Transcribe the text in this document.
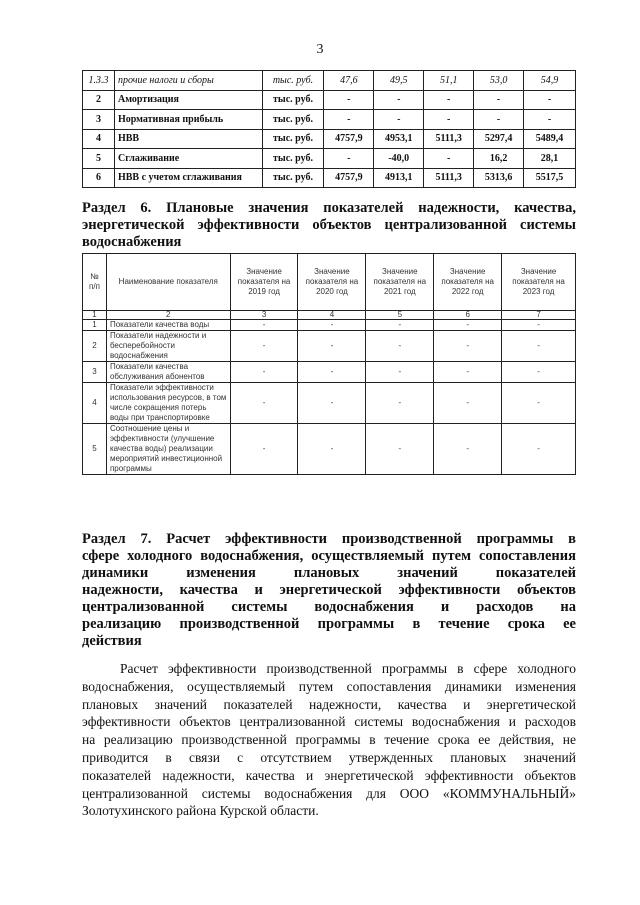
3
1.3.3	прочие налоги и сборы	тыс. руб.	47,6	49,5	51,1	53,0	54,9
2	Амортизация	тыс. руб.	-	-	-	-	-
3	Нормативная прибыль	тыс. руб.	-	-	-	-	-
4	НВВ	тыс. руб.	4757,9	4953,1	5111,3	5297,4	5489,4
5	Сглаживание	тыс. руб.	-	-40,0	-	16,2	28,1
6	НВВ с учетом сглаживания	тыс. руб.	4757,9	4913,1	5111,3	5313,6	5517,5
Раздел 6. Плановые значения показателей надежности, качества,
энергетической эффективности объектов централизованной системы
водоснабжения
№ п/п	Наименование показателя	Значение показателя на 2019 год	Значение показателя на 2020 год	Значение показателя на 2021 год	Значение показателя на 2022 год	Значение показателя на 2023 год
1	2	3	4	5	6	7
1	Показатели качества воды	-	-	-	-	-
2	Показатели надежности и бесперебойности водоснабжения	-	-	-	-	-
3	Показатели качества обслуживания абонентов	-	-	-	-	-
4	Показатели эффективности использования ресурсов, в том числе сокращения потерь воды при транспортировке	-	-	-	-	-
5	Соотношение цены и эффективности (улучшение качества воды) реализации мероприятий инвестиционной программы	-	-	-	-	-
Раздел 7. Расчет эффективности производственной программы в
сфере холодного водоснабжения, осуществляемый путем сопоставления
динамики изменения плановых значений показателей
надежности, качества и энергетической эффективности объектов
централизованной системы водоснабжения и расходов на
реализацию производственной программы в течение срока ее
действия
Расчет эффективности производственной программы в сфере холодного
водоснабжения, осуществляемый путем сопоставления динамики изменения
плановых значений показателей надежности, качества и энергетической
эффективности объектов централизованной системы водоснабжения и расходов
на реализацию производственной программы в течение срока ее действия, не
приводится в связи с отсутствием утвержденных плановых значений
показателей надежности, качества и энергетической эффективности объектов
централизованной системы водоснабжения для ООО «КОММУНАЛЬНЫЙ»
Золотухинского района Курской области.
